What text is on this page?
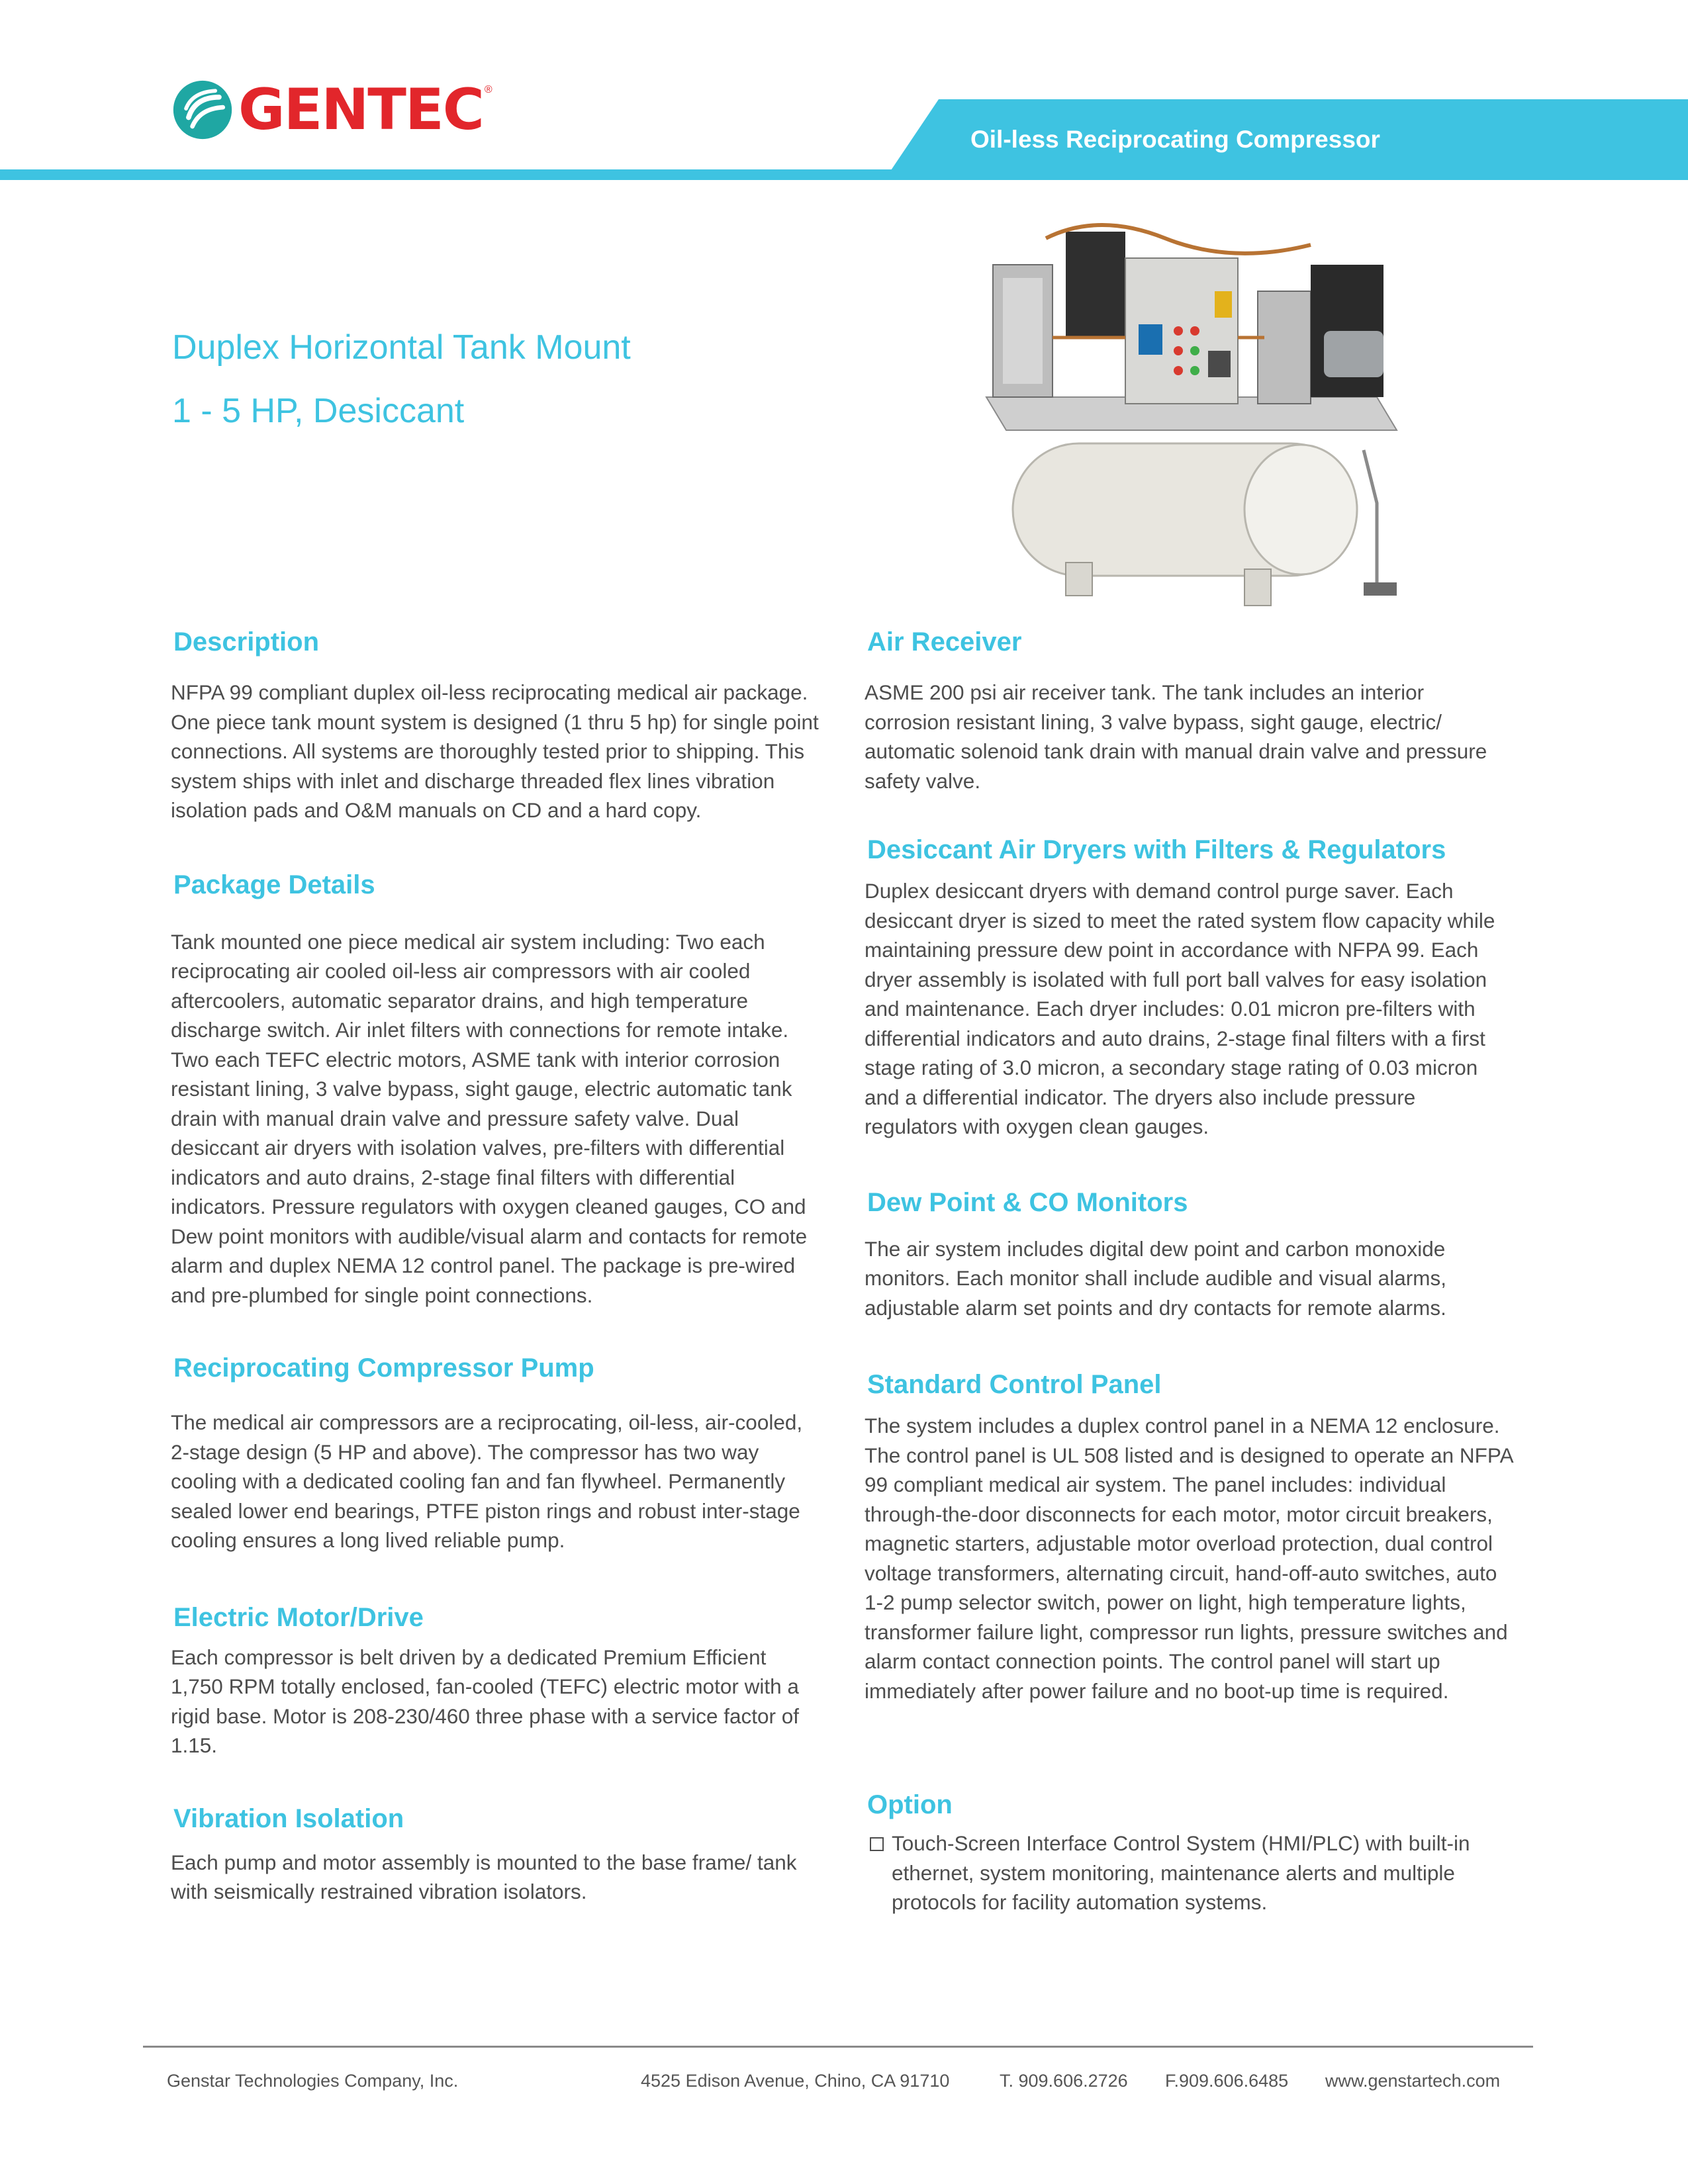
GENTEC ®
Oil-less Reciprocating Compressor
Duplex Horizontal Tank Mount
1 - 5 HP, Desiccant
Description
NFPA 99 compliant duplex oil-less reciprocating medical air package. One piece tank mount system is designed (1 thru 5 hp) for single point connections. All systems are thoroughly tested prior to shipping. This system ships with inlet and discharge threaded flex lines vibration isolation pads and O&M manuals on CD and a hard copy.
Package Details
Tank mounted one piece medical air system including: Two each reciprocating air cooled oil-less air compressors with air cooled aftercoolers, automatic separator drains, and high temperature discharge switch. Air inlet filters with connections for remote intake. Two each TEFC electric motors, ASME tank with interior corrosion resistant lining, 3 valve bypass, sight gauge, electric automatic tank drain with manual drain valve and pressure safety valve. Dual desiccant air dryers with isolation valves, pre-filters with differential indicators and auto drains, 2-stage final filters with differential indicators. Pressure regulators with oxygen cleaned gauges, CO and Dew point monitors with audible/visual alarm and contacts for remote alarm and duplex NEMA 12 control panel. The package is pre-wired and pre-plumbed for single point connections.
Reciprocating Compressor Pump
The medical air compressors are a reciprocating, oil-less, air-cooled, 2-stage design (5 HP and above). The compressor has two way cooling with a dedicated cooling fan and fan flywheel. Permanently sealed lower end bearings, PTFE piston rings and robust inter-stage cooling ensures a long lived reliable pump.
Electric Motor/Drive
Each compressor is belt driven by a dedicated Premium Efficient 1,750 RPM totally enclosed, fan-cooled (TEFC) electric motor with a rigid base. Motor is 208-230/460 three phase with a service factor of 1.15.
Vibration Isolation
Each pump and motor assembly is mounted to the base frame/ tank with seismically restrained vibration isolators.
Air Receiver
ASME 200 psi air receiver tank. The tank includes an interior corrosion resistant lining, 3 valve bypass, sight gauge, electric/ automatic solenoid tank drain with manual drain valve and pressure safety valve.
Desiccant Air Dryers with Filters & Regulators
Duplex desiccant dryers with demand control purge saver. Each desiccant dryer is sized to meet the rated system flow capacity while maintaining pressure dew point in accordance with NFPA 99. Each dryer assembly is isolated with full port ball valves for easy isolation and maintenance. Each dryer includes: 0.01 micron pre-filters with differential indicators and auto drains, 2-stage final filters with a first stage rating of 3.0 micron, a secondary stage rating of 0.03 micron and a differential indicator. The dryers also include pressure regulators with oxygen clean gauges.
Dew Point & CO Monitors
The air system includes digital dew point and carbon monoxide monitors. Each monitor shall include audible and visual alarms, adjustable alarm set points and dry contacts for remote alarms.
Standard Control Panel
The system includes a duplex control panel in a NEMA 12 enclosure. The control panel is UL 508 listed and is designed to operate an NFPA 99 compliant medical air system. The panel includes: individual through-the-door disconnects for each motor, motor circuit breakers, magnetic starters, adjustable motor overload protection, dual control voltage transformers, alternating circuit, hand-off-auto switches, auto 1-2 pump selector switch, power on light, high temperature lights, transformer failure light, compressor run lights, pressure switches and alarm contact connection points. The control panel will start up immediately after power failure and no boot-up time is required.
Option
Touch-Screen Interface Control System (HMI/PLC) with built-in ethernet, system monitoring, maintenance alerts and multiple protocols for facility automation systems.
Genstar Technologies Company, Inc.	4525 Edison Avenue, Chino, CA 91710	T. 909.606.2726 F.909.606.6485 www.genstartech.com
